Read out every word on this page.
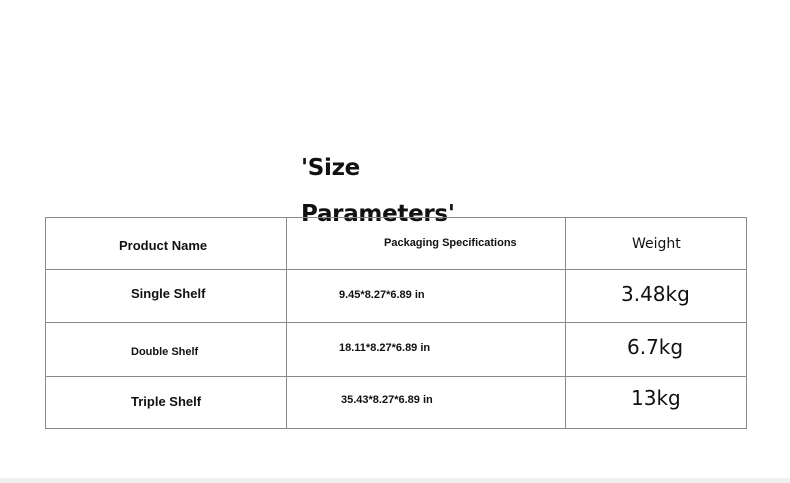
'Size

Parameters'

Product Name	Packaging Specifications	Weight

Single Shelf	9.45*8.27*6.89 in	3.48kg

Double Shelf	18.11*8.27*6.89 in	6.7kg

Triple Shelf	35.43*8.27*6.89 in	13kg
